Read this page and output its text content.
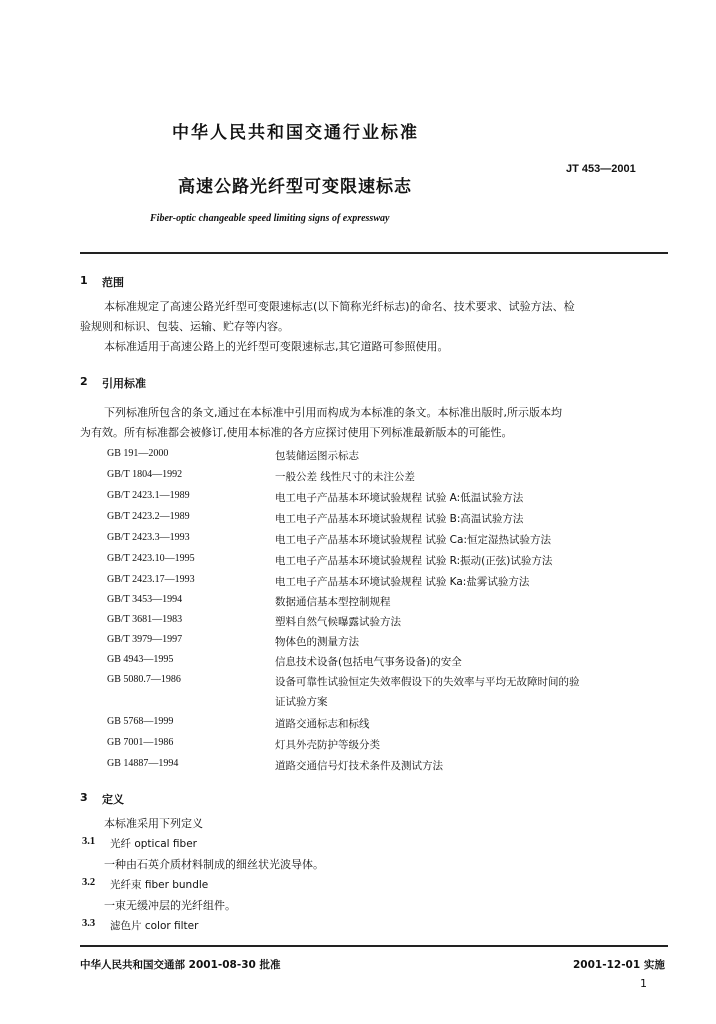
中华人民共和国交通行业标准
JT 453—2001
高速公路光纤型可变限速标志
Fiber-optic changeable speed limiting signs of expressway
1 范围
本标准规定了高速公路光纤型可变限速标志(以下简称光纤标志)的命名、技术要求、试验方法、检
验规则和标识、包装、运输、贮存等内容。
本标准适用于高速公路上的光纤型可变限速标志,其它道路可参照使用。
2 引用标准
下列标准所包含的条文,通过在本标准中引用而构成为本标准的条文。本标准出版时,所示版本均
为有效。所有标准都会被修订,使用本标准的各方应探讨使用下列标准最新版本的可能性。
GB 191—2000	包装储运图示标志
GB/T 1804—1992	一般公差 线性尺寸的未注公差
GB/T 2423.1—1989	电工电子产品基本环境试验规程 试验 A:低温试验方法
GB/T 2423.2—1989	电工电子产品基本环境试验规程 试验 B:高温试验方法
GB/T 2423.3—1993	电工电子产品基本环境试验规程 试验 Ca:恒定湿热试验方法
GB/T 2423.10—1995	电工电子产品基本环境试验规程 试验 R:振动(正弦)试验方法
GB/T 2423.17—1993	电工电子产品基本环境试验规程 试验 Ka:盐雾试验方法
GB/T 3453—1994	数据通信基本型控制规程
GB/T 3681—1983	塑料自然气候曝露试验方法
GB/T 3979—1997	物体色的测量方法
GB 4943—1995	信息技术设备(包括电气事务设备)的安全
GB 5080.7—1986	设备可靠性试验恒定失效率假设下的失效率与平均无故障时间的验
证试验方案
GB 5768—1999	道路交通标志和标线
GB 7001—1986	灯具外壳防护等级分类
GB 14887—1994	道路交通信号灯技术条件及测试方法
3 定义
本标准采用下列定义
3.1 光纤 optical fiber
一种由石英介质材料制成的细丝状光波导体。
3.2 光纤束 fiber bundle
一束无缓冲层的光纤组件。
3.3 滤色片 color filter
中华人民共和国交通部 2001-08-30 批准	2001-12-01 实施
1
